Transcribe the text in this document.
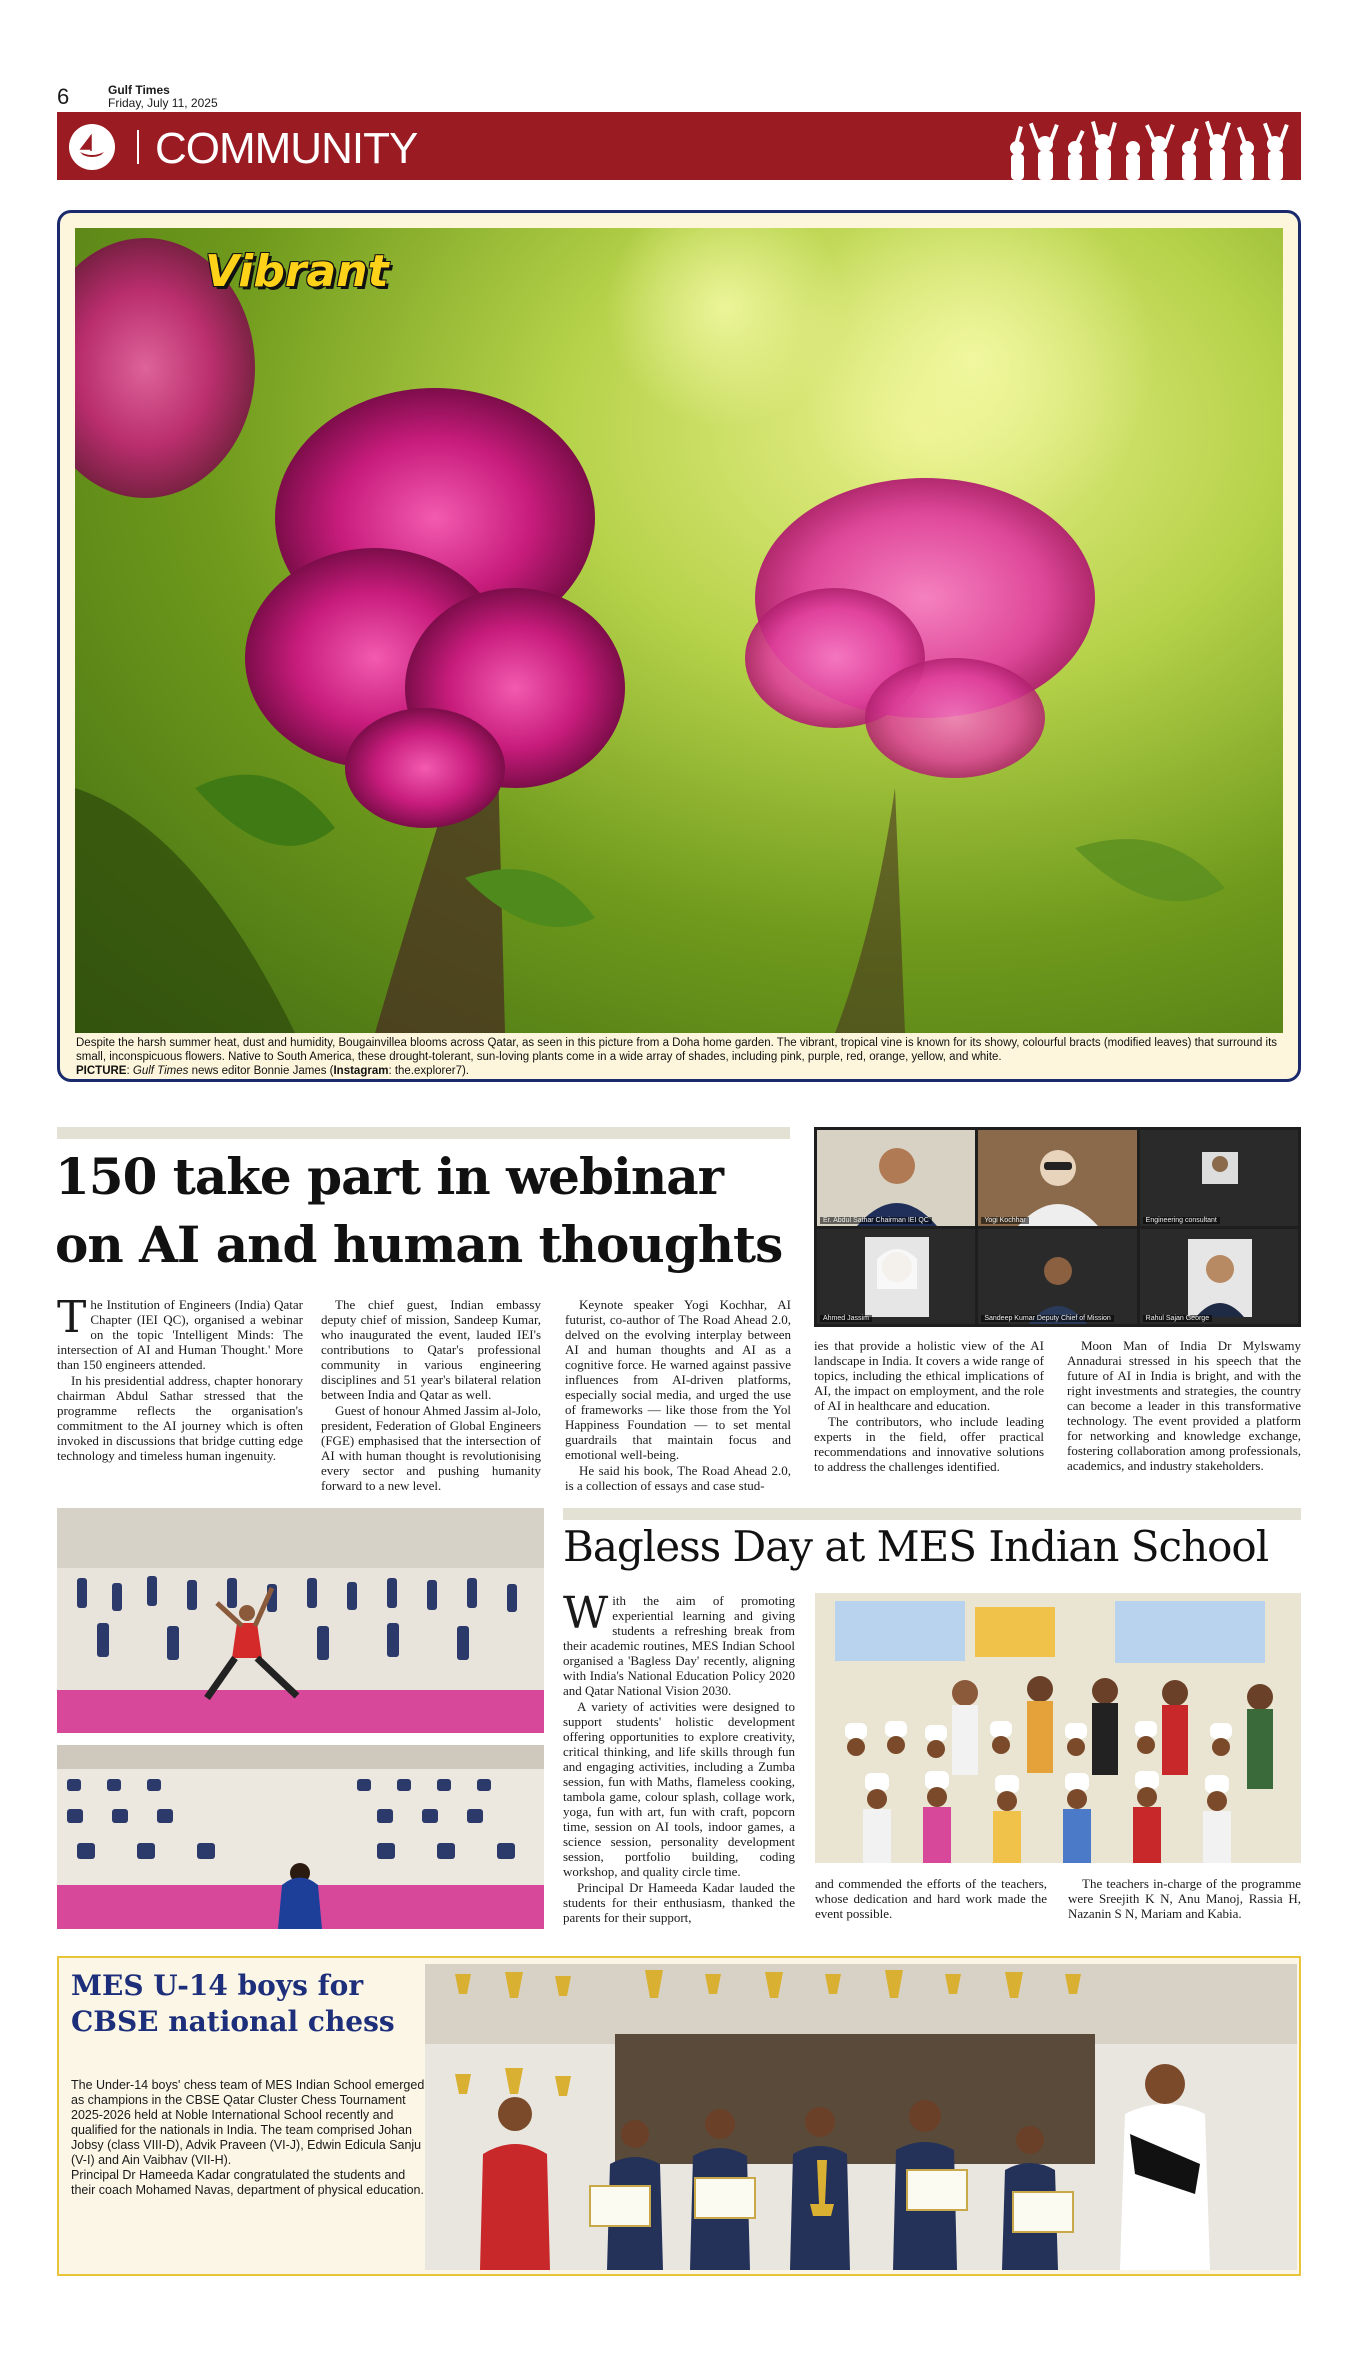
6	Gulf Times
Friday, July 11, 2025
COMMUNITY
Vibrant
Despite the harsh summer heat, dust and humidity, Bougainvillea blooms across Qatar, as seen in this picture from a Doha home garden. The vibrant, tropical vine is known for its showy, colourful bracts (modified leaves) that surround its small, inconspicuous flowers. Native to South America, these drought-tolerant, sun-loving plants come in a wide array of shades, including pink, purple, red, orange, yellow, and white.
PICTURE: Gulf Times news editor Bonnie James (Instagram: the.explorer7).
150 take part in webinar
on AI and human thoughts

The Institution of Engineers (India) Qatar Chapter (IEI QC), organised a webinar on the topic 'Intelligent Minds: The intersection of AI and Human Thought.' More than 150 engineers attended.

In his presidential address, chapter honorary chairman Abdul Sathar stressed that the programme reflects the organisation's commitment to the AI journey which is often invoked in discussions that bridge cutting edge technology and timeless human ingenuity.

The chief guest, Indian embassy deputy chief of mission, Sandeep Kumar, who inaugurated the event, lauded IEI's contributions to Qatar's professional community in various engineering disciplines and 51 year's bilateral relation between India and Qatar as well.

Guest of honour Ahmed Jassim al-Jolo, president, Federation of Global Engineers (FGE) emphasised that the intersection of AI with human thought is revolutionising every sector and pushing humanity forward to a new level.

Keynote speaker Yogi Kochhar, AI futurist, co-author of The Road Ahead 2.0, delved on the evolving interplay between AI and human thoughts and AI as a cognitive force. He warned against passive influences from AI-driven platforms, especially social media, and urged the use of frameworks — like those from the Yol Happiness Foundation — to set mental guardrails that maintain focus and emotional well-being.

He said his book, The Road Ahead 2.0, is a collection of essays and case stud-

Er. Abdul Sathar Chairman IEI QC	Yogi Kochhar	Engineering consultant
Ahmed Jassim	Sandeep Kumar Deputy Chief of Mission	Rahul Sajan George

ies that provide a holistic view of the AI landscape in India. It covers a wide range of topics, including the ethical implications of AI, the impact on employment, and the role of AI in healthcare and education.

The contributors, who include leading experts in the field, offer practical recommendations and innovative solutions to address the challenges identified.

Moon Man of India Dr Mylswamy Annadurai stressed in his speech that the future of AI in India is bright, and with the right investments and strategies, the country can become a leader in this transformative technology. The event provided a platform for networking and knowledge exchange, fostering collaboration among professionals, academics, and industry stakeholders.

Bagless Day at MES Indian School

With the aim of promoting experiential learning and giving students a refreshing break from their academic routines, MES Indian School organised a 'Bagless Day' recently, aligning with India's National Education Policy 2020 and Qatar National Vision 2030.

A variety of activities were designed to support students' holistic development offering opportunities to explore creativity, critical thinking, and life skills through fun and engaging activities, including a Zumba session, fun with Maths, flameless cooking, tambola game, colour splash, collage work, yoga, fun with art, fun with craft, popcorn time, session on AI tools, indoor games, a science session, personality development session, portfolio building, coding workshop, and quality circle time.

Principal Dr Hameeda Kadar lauded the students for their enthusiasm, thanked the parents for their support,

and commended the efforts of the teachers, whose dedication and hard work made the event possible.

The teachers in-charge of the programme were Sreejith K N, Anu Manoj, Rassia H, Nazanin S N, Mariam and Kabia.

MES U-14 boys for
CBSE national chess

The Under-14 boys' chess team of MES Indian School emerged as champions in the CBSE Qatar Cluster Chess Tournament 2025-2026 held at Noble International School recently and qualified for the nationals in India. The team comprised Johan Jobsy (class VIII-D), Advik Praveen (VI-J), Edwin Edicula Sanju (V-I) and Ain Vaibhav (VII-H).

Principal Dr Hameeda Kadar congratulated the students and their coach Mohamed Navas, department of physical education.
